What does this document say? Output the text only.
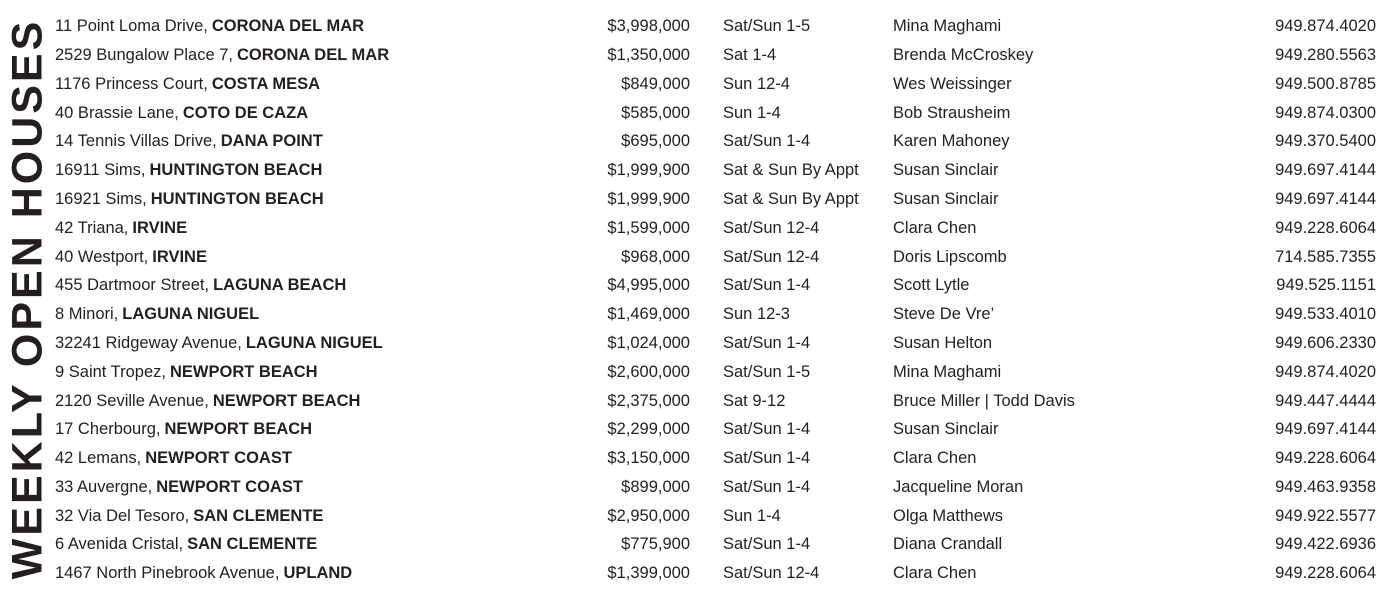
WEEKLY OPEN HOUSES 11 Point Loma Drive, CORONA DEL MAR	$3,998,000	Sat/Sun 1-5	Mina Maghami	949.874.4020
2529 Bungalow Place 7, CORONA DEL MAR	$1,350,000	Sat 1-4	Brenda McCroskey	949.280.5563
1176 Princess Court, COSTA MESA	$849,000	Sun 12-4	Wes Weissinger	949.500.8785
40 Brassie Lane, COTO DE CAZA	$585,000	Sun 1-4	Bob Strausheim	949.874.0300
14 Tennis Villas Drive, DANA POINT	$695,000	Sat/Sun 1-4	Karen Mahoney	949.370.5400
16911 Sims, HUNTINGTON BEACH	$1,999,900	Sat & Sun By Appt	Susan Sinclair	949.697.4144
16921 Sims, HUNTINGTON BEACH	$1,999,900	Sat & Sun By Appt	Susan Sinclair	949.697.4144
42 Triana, IRVINE	$1,599,000	Sat/Sun 12-4	Clara Chen	949.228.6064
40 Westport, IRVINE	$968,000	Sat/Sun 12-4	Doris Lipscomb	714.585.7355
455 Dartmoor Street, LAGUNA BEACH	$4,995,000	Sat/Sun 1-4	Scott Lytle	949.525.1151
8 Minori, LAGUNA NIGUEL	$1,469,000	Sun 12-3	Steve De Vre’	949.533.4010
32241 Ridgeway Avenue, LAGUNA NIGUEL	$1,024,000	Sat/Sun 1-4	Susan Helton	949.606.2330
9 Saint Tropez, NEWPORT BEACH	$2,600,000	Sat/Sun 1-5	Mina Maghami	949.874.4020
2120 Seville Avenue, NEWPORT BEACH	$2,375,000	Sat 9-12	Bruce Miller | Todd Davis	949.447.4444
17 Cherbourg, NEWPORT BEACH	$2,299,000	Sat/Sun 1-4	Susan Sinclair	949.697.4144
42 Lemans, NEWPORT COAST	$3,150,000	Sat/Sun 1-4	Clara Chen	949.228.6064
33 Auvergne, NEWPORT COAST	$899,000	Sat/Sun 1-4	Jacqueline Moran	949.463.9358
32 Via Del Tesoro, SAN CLEMENTE	$2,950,000	Sun 1-4	Olga Matthews	949.922.5577
6 Avenida Cristal, SAN CLEMENTE	$775,900	Sat/Sun 1-4	Diana Crandall	949.422.6936
1467 North Pinebrook Avenue, UPLAND	$1,399,000	Sat/Sun 12-4	Clara Chen	949.228.6064
